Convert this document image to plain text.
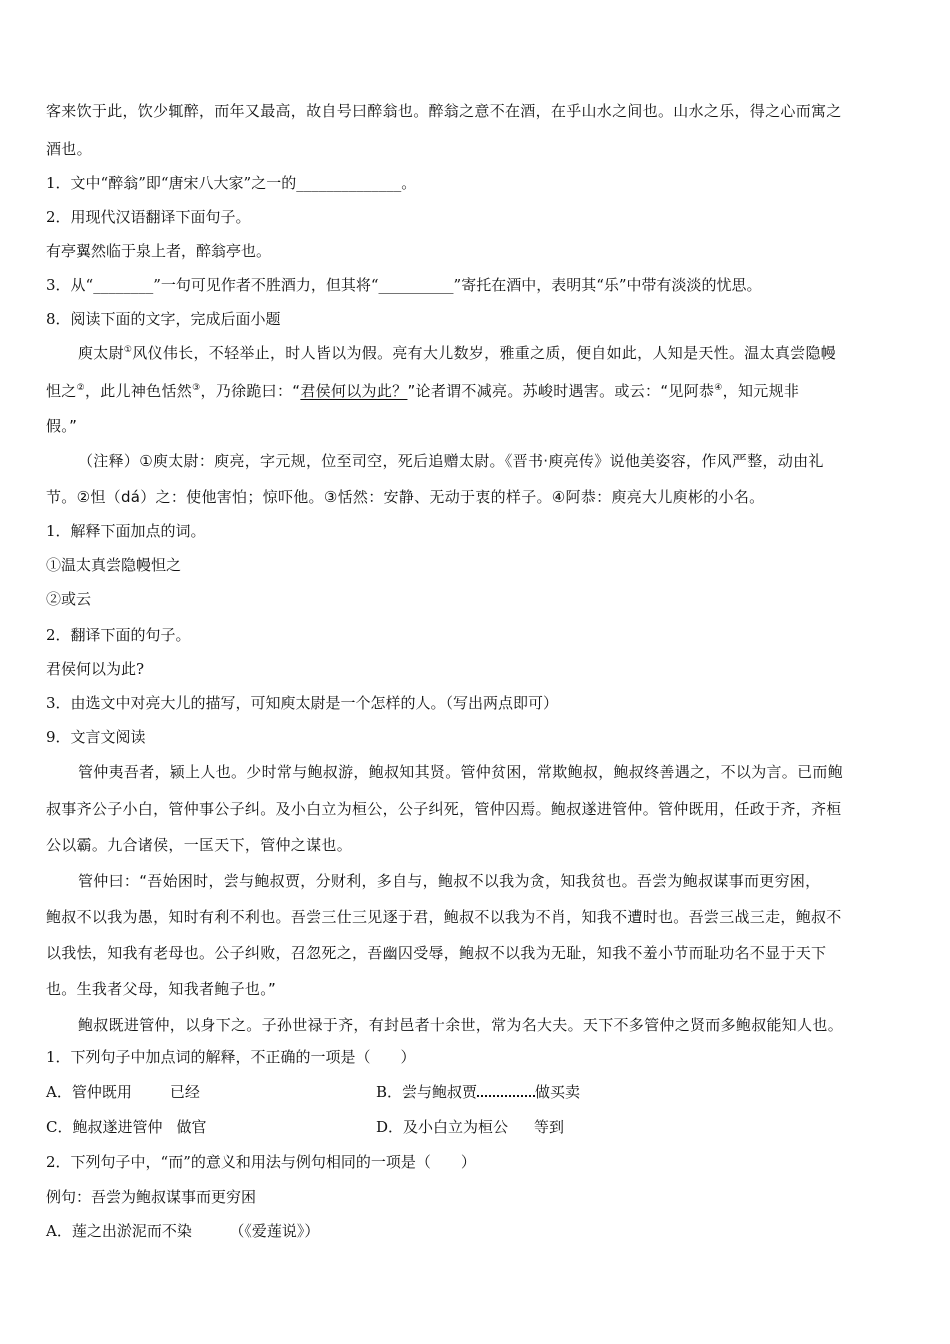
客来饮于此，饮少辄醉，而年又最高，故自号曰醉翁也。醉翁之意不在酒，在乎山水之间也。山水之乐，得之心而寓之
酒也。
1．文中“醉翁”即“唐宋八大家”之一的______________。
2．用现代汉语翻译下面句子。
有亭翼然临于泉上者，醉翁亭也。
3．从“________”一句可见作者不胜酒力，但其将“__________”寄托在酒中，表明其“乐”中带有淡淡的忧思。
8．阅读下面的文字，完成后面小题
庾太尉①风仪伟长，不轻举止，时人皆以为假。亮有大儿数岁，雅重之质，便自如此，人知是天性。温太真尝隐幔
怛之②，此儿神色恬然③，乃徐跪曰：“君侯何以为此？”论者谓不减亮。苏峻时遇害。或云：“见阿恭④，知元规非
假。”
（注释）①庾太尉：庾亮，字元规，位至司空，死后追赠太尉。《晋书·庾亮传》说他美姿容，作风严整，动由礼
节。②怛（dá）之：使他害怕；惊吓他。③恬然：安静、无动于衷的样子。④阿恭：庾亮大儿庾彬的小名。
1．解释下面加点的词。
①温太真尝隐幔怛之
②或云
2．翻译下面的句子。
君侯何以为此?
3．由选文中对亮大儿的描写，可知庾太尉是一个怎样的人。（写出两点即可）
9．文言文阅读
管仲夷吾者，颍上人也。少时常与鲍叔游，鲍叔知其贤。管仲贫困，常欺鲍叔，鲍叔终善遇之，不以为言。已而鲍
叔事齐公子小白，管仲事公子纠。及小白立为桓公，公子纠死，管仲囚焉。鲍叔遂进管仲。管仲既用，任政于齐，齐桓
公以霸。九合诸侯，一匡天下，管仲之谋也。
管仲曰：“吾始困时，尝与鲍叔贾，分财利，多自与，鲍叔不以我为贪，知我贫也。吾尝为鲍叔谋事而更穷困，
鲍叔不以我为愚，知时有利不利也。吾尝三仕三见逐于君，鲍叔不以我为不肖，知我不遭时也。吾尝三战三走，鲍叔不
以我怯，知我有老母也。公子纠败，召忽死之，吾幽囚受辱，鲍叔不以我为无耻，知我不羞小节而耻功名不显于天下
也。生我者父母，知我者鲍子也。”
鲍叔既进管仲，以身下之。子孙世禄于齐，有封邑者十余世，常为名大夫。天下不多管仲之贤而多鲍叔能知人也。
1．下列句子中加点词的解释，不正确的一项是（　　）
A．管仲既用	已经	B．尝与鲍叔贾	做买卖
C．鲍叔遂进管仲 做官	D．及小白立为桓公 等到
2．下列句子中，“而”的意义和用法与例句相同的一项是（　　）
例句：吾尝为鲍叔谋事而更穷困
A．莲之出淤泥而不染　　　（《爱莲说》）
